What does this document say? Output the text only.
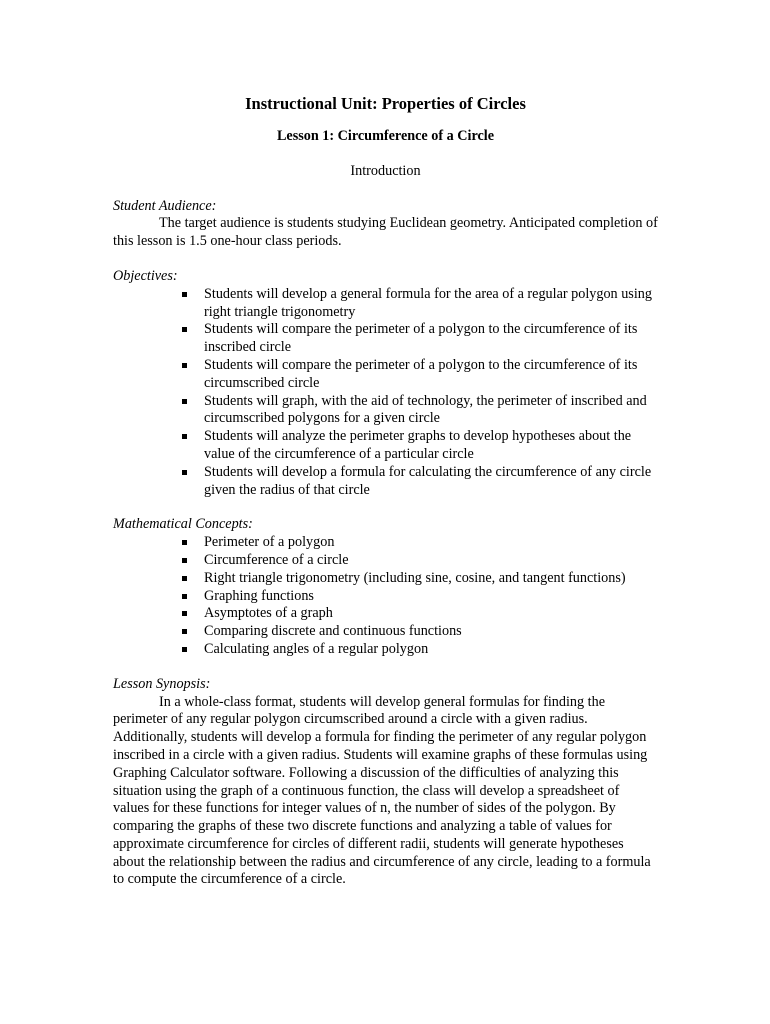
Instructional Unit: Properties of Circles
Lesson 1: Circumference of a Circle
Introduction
Student Audience:

The target audience is students studying Euclidean geometry. Anticipated completion of this lesson is 1.5 one-hour class periods.

Objectives:
Students will develop a general formula for the area of a regular polygon using right triangle trigonometry
Students will compare the perimeter of a polygon to the circumference of its inscribed circle
Students will compare the perimeter of a polygon to the circumference of its circumscribed circle
Students will graph, with the aid of technology, the perimeter of inscribed and circumscribed polygons for a given circle
Students will analyze the perimeter graphs to develop hypotheses about the value of the circumference of a particular circle
Students will develop a formula for calculating the circumference of any circle given the radius of that circle
Mathematical Concepts:
Perimeter of a polygon
Circumference of a circle
Right triangle trigonometry (including sine, cosine, and tangent functions)
Graphing functions
Asymptotes of a graph
Comparing discrete and continuous functions
Calculating angles of a regular polygon
Lesson Synopsis:

In a whole-class format, students will develop general formulas for finding the perimeter of any regular polygon circumscribed around a circle with a given radius. Additionally, students will develop a formula for finding the perimeter of any regular polygon inscribed in a circle with a given radius. Students will examine graphs of these formulas using Graphing Calculator software. Following a discussion of the difficulties of analyzing this situation using the graph of a continuous function, the class will develop a spreadsheet of values for these functions for integer values of n, the number of sides of the polygon. By comparing the graphs of these two discrete functions and analyzing a table of values for approximate circumference for circles of different radii, students will generate hypotheses about the relationship between the radius and circumference of any circle, leading to a formula to compute the circumference of a circle.
